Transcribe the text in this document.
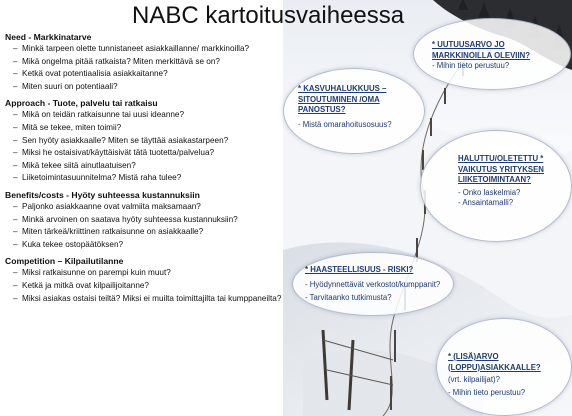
NABC kartoitusvaiheessa
Need - Markkinatarve
– Minkä tarpeen olette tunnistaneet asiakkaillanne/ markkinoilla?
– Mikä ongelma pitää ratkaista? Miten merkittävä se on?
– Ketkä ovat potentiaalisia asiakkaitanne?
– Miten suuri on potentiaali?
Approach - Tuote, palvelu tai ratkaisu
– Mikä on teidän ratkaisunne tai uusi ideanne?
– Mitä se tekee, miten toimii?
– Sen hyöty asiakkaalle? Miten se täyttää asiakastarpeen?
– Miksi he ostaisivat/käyttäisivät tätä tuotetta/palvelua?
– Mikä tekee siitä ainutlaatuisen?
– Liiketoimintasuunnitelma? Mistä raha tulee?
Benefits/costs - Hyöty suhteessa kustannuksiin
– Paljonko asiakkaanne ovat valmiita maksamaan?
– Minkä arvoinen on saatava hyöty suhteessa kustannuksiin?
– Miten tärkeä/kriittinen ratkaisunne on asiakkaalle?
– Kuka tekee ostopäätöksen?
Competition – Kilpailutilanne
– Miksi ratkaisunne on parempi kuin muut?
– Ketkä ja mitkä ovat kilpailijoitanne?
– Miksi asiakas ostaisi teiltä? Miksi ei muilta toimittajilta tai kumppaneilta?
* UUTUUSARVO JO MARKKINOILLA OLEVIIN?
- Mihin tieto perustuu?
* KASVUHALUKKUUS – SITOUTUMINEN /OMA PANOSTUS?
- Mistä omarahoitusosuus?
HALUTTU/OLETETTU * VAIKUTUS YRITYKSEN LIIKETOIMINTAAN?
- Onko laskelmia?
- Ansaintamalli?
* HAASTEELLISUUS - RISKI?
- Hyödynnettävät verkostot/kumppanit?
- Tarvitaanko tutkimusta?
* (LISÄ)ARVO (LOPPU)ASIAKKAALLE?
(vrt. kilpailijat)?
- Mihin tieto perustuu?
